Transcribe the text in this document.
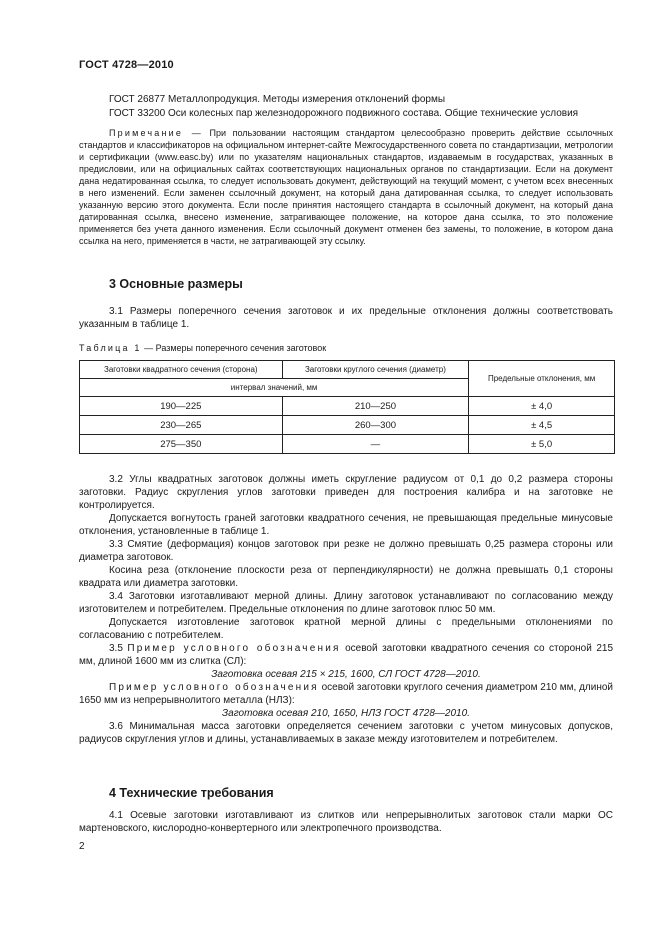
ГОСТ 4728—2010
ГОСТ 26877 Металлопродукция. Методы измерения отклонений формы
ГОСТ 33200 Оси колесных пар железнодорожного подвижного состава. Общие технические условия
Примечание — При пользовании настоящим стандартом целесообразно проверить действие ссылочных стандартов и классификаторов на официальном интернет-сайте Межгосударственного совета по стандартизации, метрологии и сертификации (www.easc.by) или по указателям национальных стандартов, издаваемым в государствах, указанных в предисловии, или на официальных сайтах соответствующих национальных органов по стандартизации. Если на документ дана недатированная ссылка, то следует использовать документ, действующий на текущий момент, с учетом всех внесенных в него изменений. Если заменен ссылочный документ, на который дана датированная ссылка, то следует использовать указанную версию этого документа. Если после принятия настоящего стандарта в ссылочный документ, на который дана датированная ссылка, внесено изменение, затрагивающее положение, на которое дана ссылка, то это положение применяется без учета данного изменения. Если ссылочный документ отменен без замены, то положение, в котором дана ссылка на него, применяется в части, не затрагивающей эту ссылку.
3 Основные размеры
3.1 Размеры поперечного сечения заготовок и их предельные отклонения должны соответствовать указанным в таблице 1.
Таблица 1 — Размеры поперечного сечения заготовок
Заготовки квадратного сечения (сторона)	Заготовки круглого сечения (диаметр)	Предельные отклонения, мм
интервал значений, мм		
190—225	210—250	± 4,0
230—265	260—300	± 4,5
275—350	—	± 5,0
3.2 Углы квадратных заготовок должны иметь скругление радиусом от 0,1 до 0,2 размера стороны заготовки. Радиус скругления углов заготовки приведен для построения калибра и на заготовке не контролируется.
Допускается вогнутость граней заготовки квадратного сечения, не превышающая предельные минусовые отклонения, установленные в таблице 1.
3.3 Смятие (деформация) концов заготовок при резке не должно превышать 0,25 размера стороны или диаметра заготовок.
Косина реза (отклонение плоскости реза от перпендикулярности) не должна превышать 0,1 стороны квадрата или диаметра заготовки.
3.4 Заготовки изготавливают мерной длины. Длину заготовок устанавливают по согласованию между изготовителем и потребителем. Предельные отклонения по длине заготовок плюс 50 мм.
Допускается изготовление заготовок кратной мерной длины с предельными отклонениями по согласованию с потребителем.
3.5 Пример условного обозначения осевой заготовки квадратного сечения со стороной 215 мм, длиной 1600 мм из слитка (СЛ):
Заготовка осевая 215 × 215, 1600, СЛ ГОСТ 4728—2010.
Пример условного обозначения осевой заготовки круглого сечения диаметром 210 мм, длиной 1650 мм из непрерывнолитого металла (НЛЗ):
Заготовка осевая 210, 1650, НЛЗ ГОСТ 4728—2010.
3.6 Минимальная масса заготовки определяется сечением заготовки с учетом минусовых допусков, радиусов скругления углов и длины, устанавливаемых в заказе между изготовителем и потребителем.
4 Технические требования
4.1 Осевые заготовки изготавливают из слитков или непрерывнолитых заготовок стали марки ОС мартеновского, кислородно-конвертерного или электропечного производства.
2
